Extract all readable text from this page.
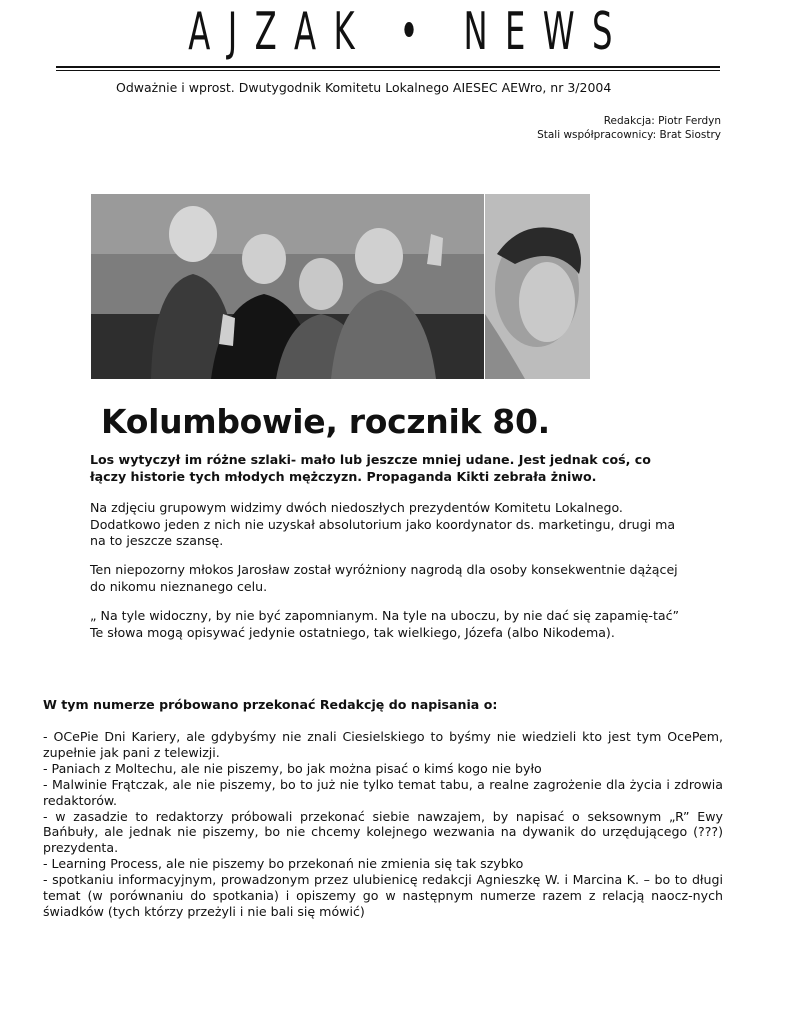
AJZAK • NEWS
Odważnie i wprost. Dwutygodnik Komitetu Lokalnego AIESEC AEWro, nr 3/2004
Redakcja: Piotr Ferdyn
Stali współpracownicy: Brat Siostry
Kolumbowie, rocznik 80.
Los wytyczył im różne szlaki- mało lub jeszcze mniej udane. Jest jednak coś, co łączy historie tych młodych mężczyzn. Propaganda Kikti zebrała żniwo.
Na zdjęciu grupowym widzimy dwóch niedoszłych prezydentów Komitetu Lokalnego. Dodatkowo jeden z nich nie uzyskał absolutorium jako koordynator ds. marketingu, drugi ma na to jeszcze szansę.
Ten niepozorny młokos Jarosław został wyróżniony nagrodą dla osoby konsekwentnie dążącej do nikomu nieznanego celu.
„ Na tyle widoczny, by nie być zapomnianym. Na tyle na uboczu, by nie dać się zapamię-tać” Te słowa mogą opisywać jedynie ostatniego, tak wielkiego, Józefa (albo Nikodema).
W tym numerze próbowano przekonać Redakcję do napisania o:

- OCePie Dni Kariery, ale gdybyśmy nie znali Ciesielskiego to byśmy nie wiedzieli kto jest tym OcePem, zupełnie jak pani z telewizji.

- Paniach z Moltechu, ale nie piszemy, bo jak można pisać o kimś kogo nie było

- Malwinie Frątczak, ale nie piszemy, bo to już nie tylko temat tabu, a realne zagrożenie dla życia i zdrowia redaktorów.

- w zasadzie to redaktorzy próbowali przekonać siebie nawzajem, by napisać o seksownym „R” Ewy Bańbuły, ale jednak nie piszemy, bo nie chcemy kolejnego wezwania na dywanik do urzędującego (???) prezydenta.

- Learning Process, ale nie piszemy bo przekonań nie zmienia się tak szybko

- spotkaniu informacyjnym, prowadzonym przez ulubienicę redakcji Agnieszkę W. i Marcina K. – bo to długi temat (w porównaniu do spotkania) i opiszemy go w następnym numerze razem z relacją naocz-nych świadków (tych którzy przeżyli i nie bali się mówić)
